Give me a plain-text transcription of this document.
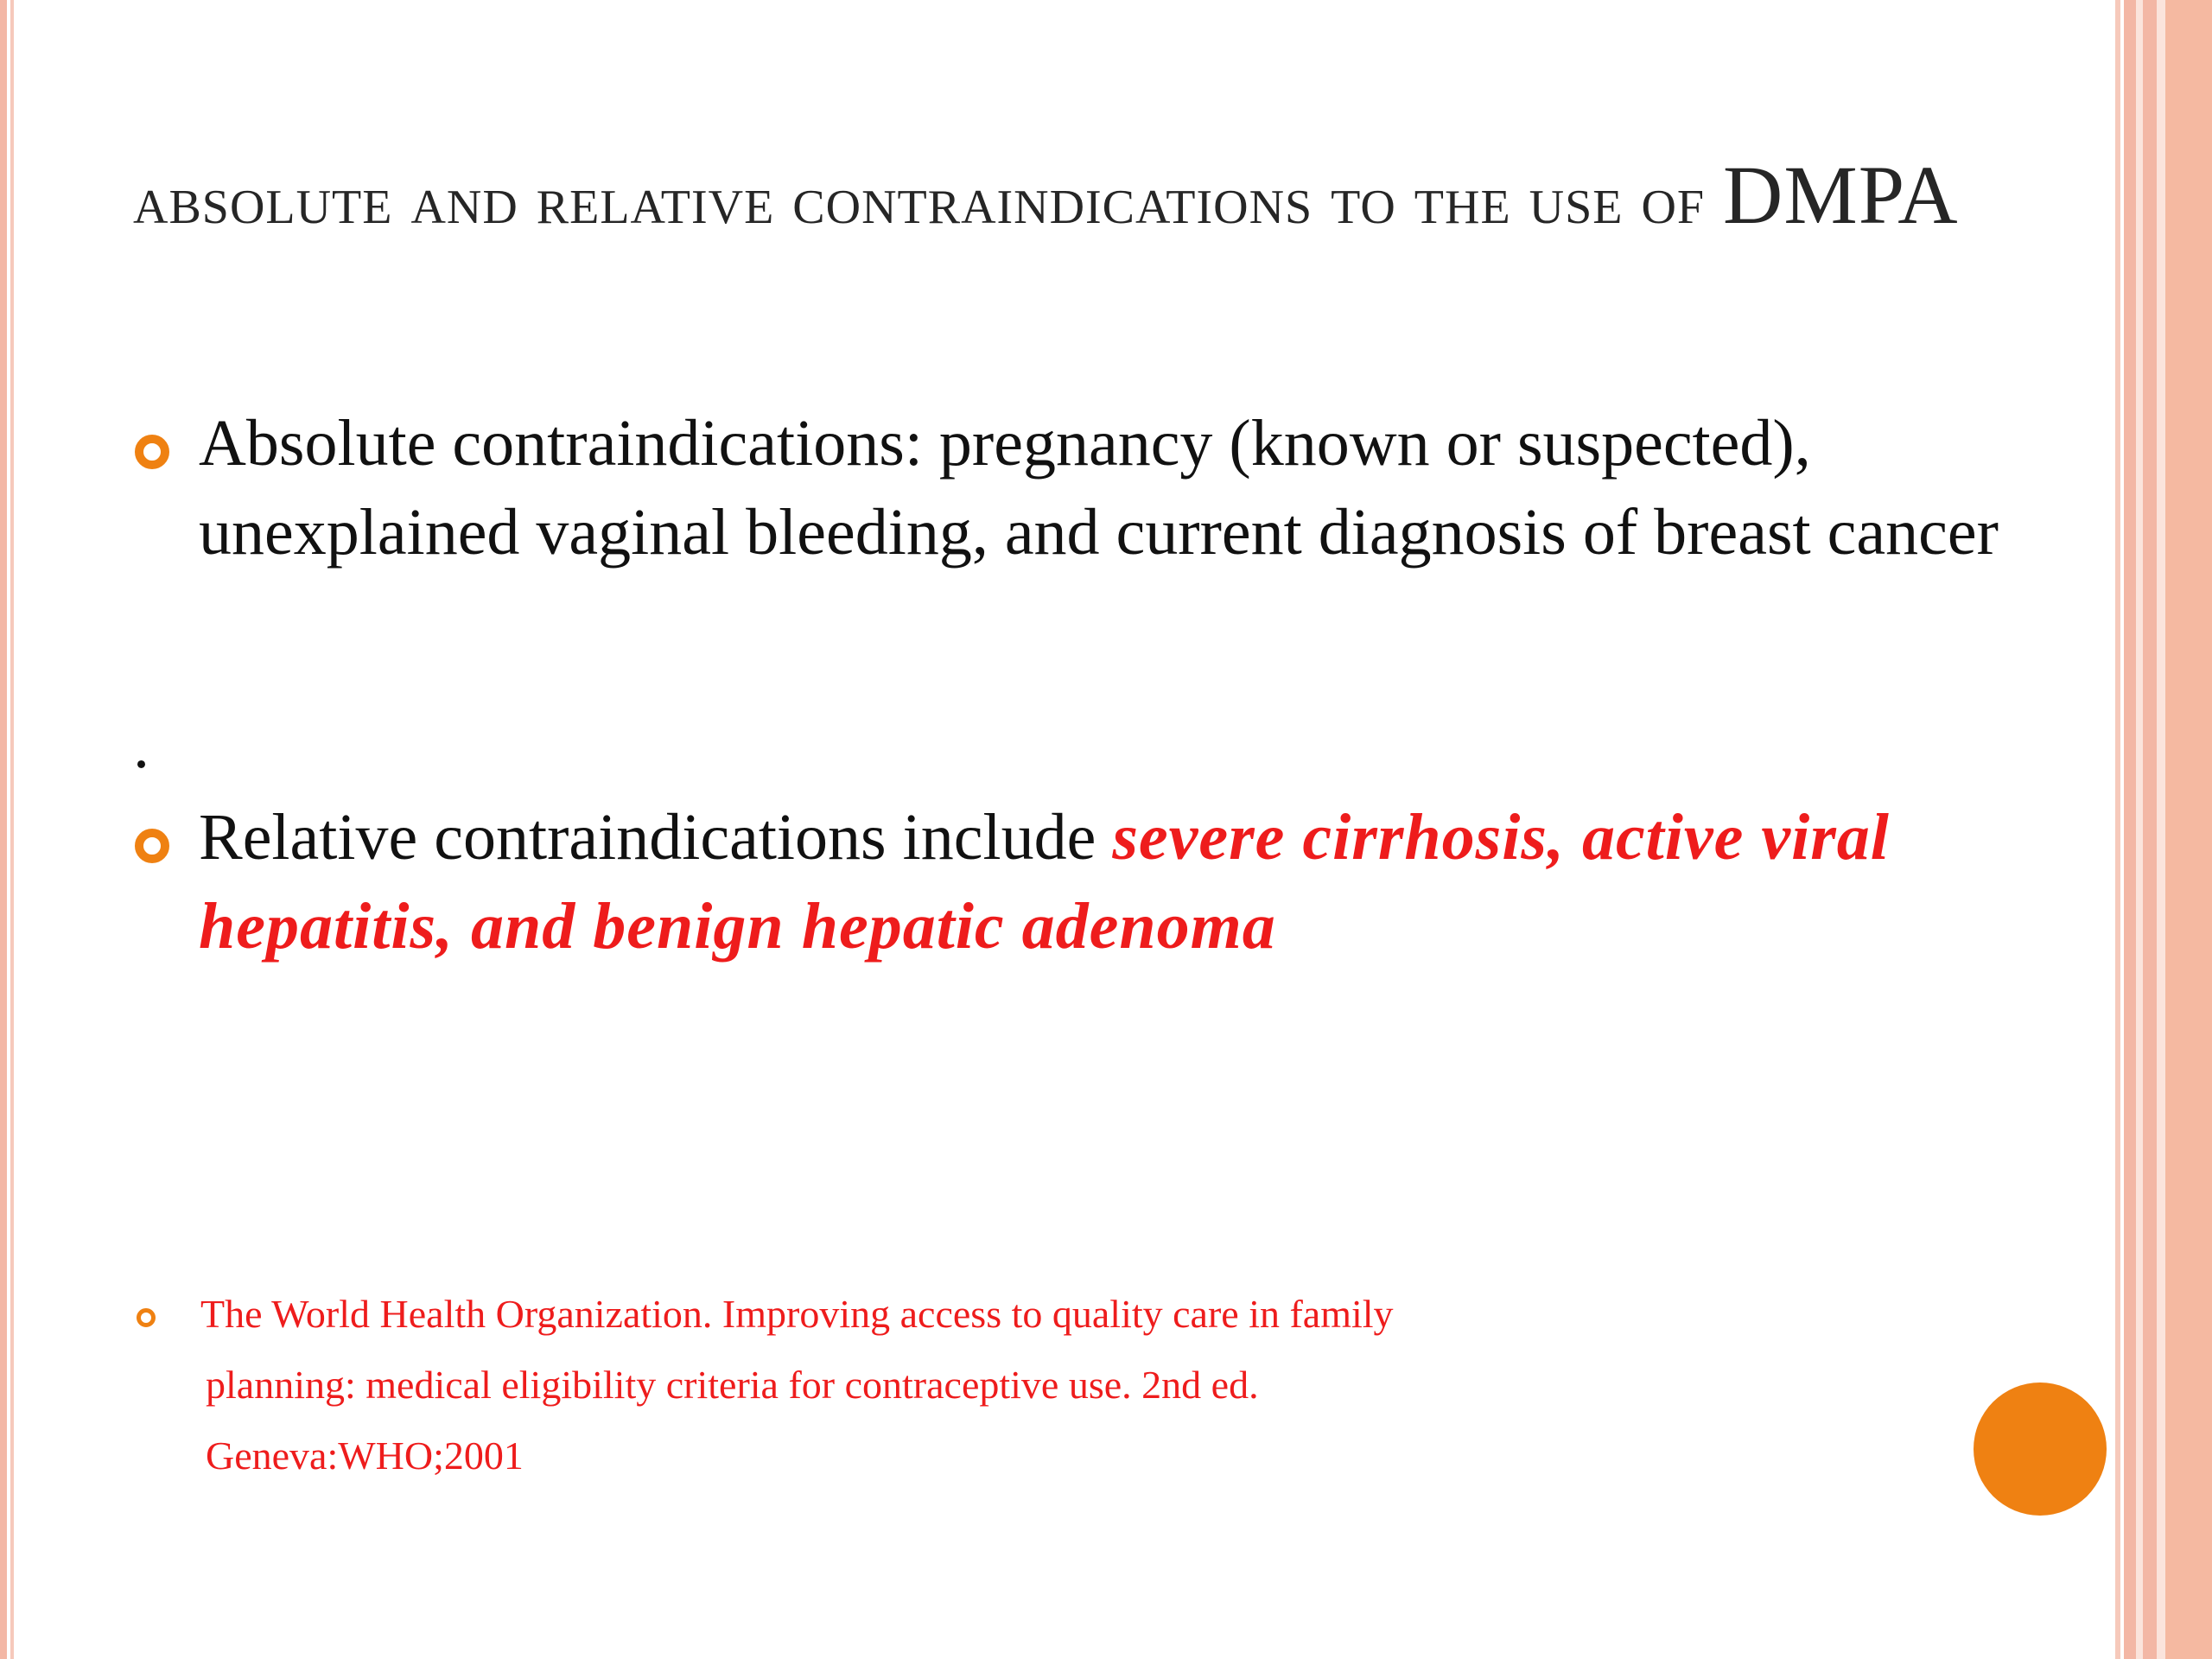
absolute and relative contraindications to the use of DMPA
Absolute contraindications: pregnancy (known or suspected), unexplained vaginal bleeding, and current diagnosis of breast cancer
.
Relative contraindications include severe cirrhosis, active viral hepatitis, and benign hepatic adenoma
The World Health Organization. Improving access to quality care in family
planning: medical eligibility criteria for contraceptive use. 2nd ed.
Geneva:WHO;2001
